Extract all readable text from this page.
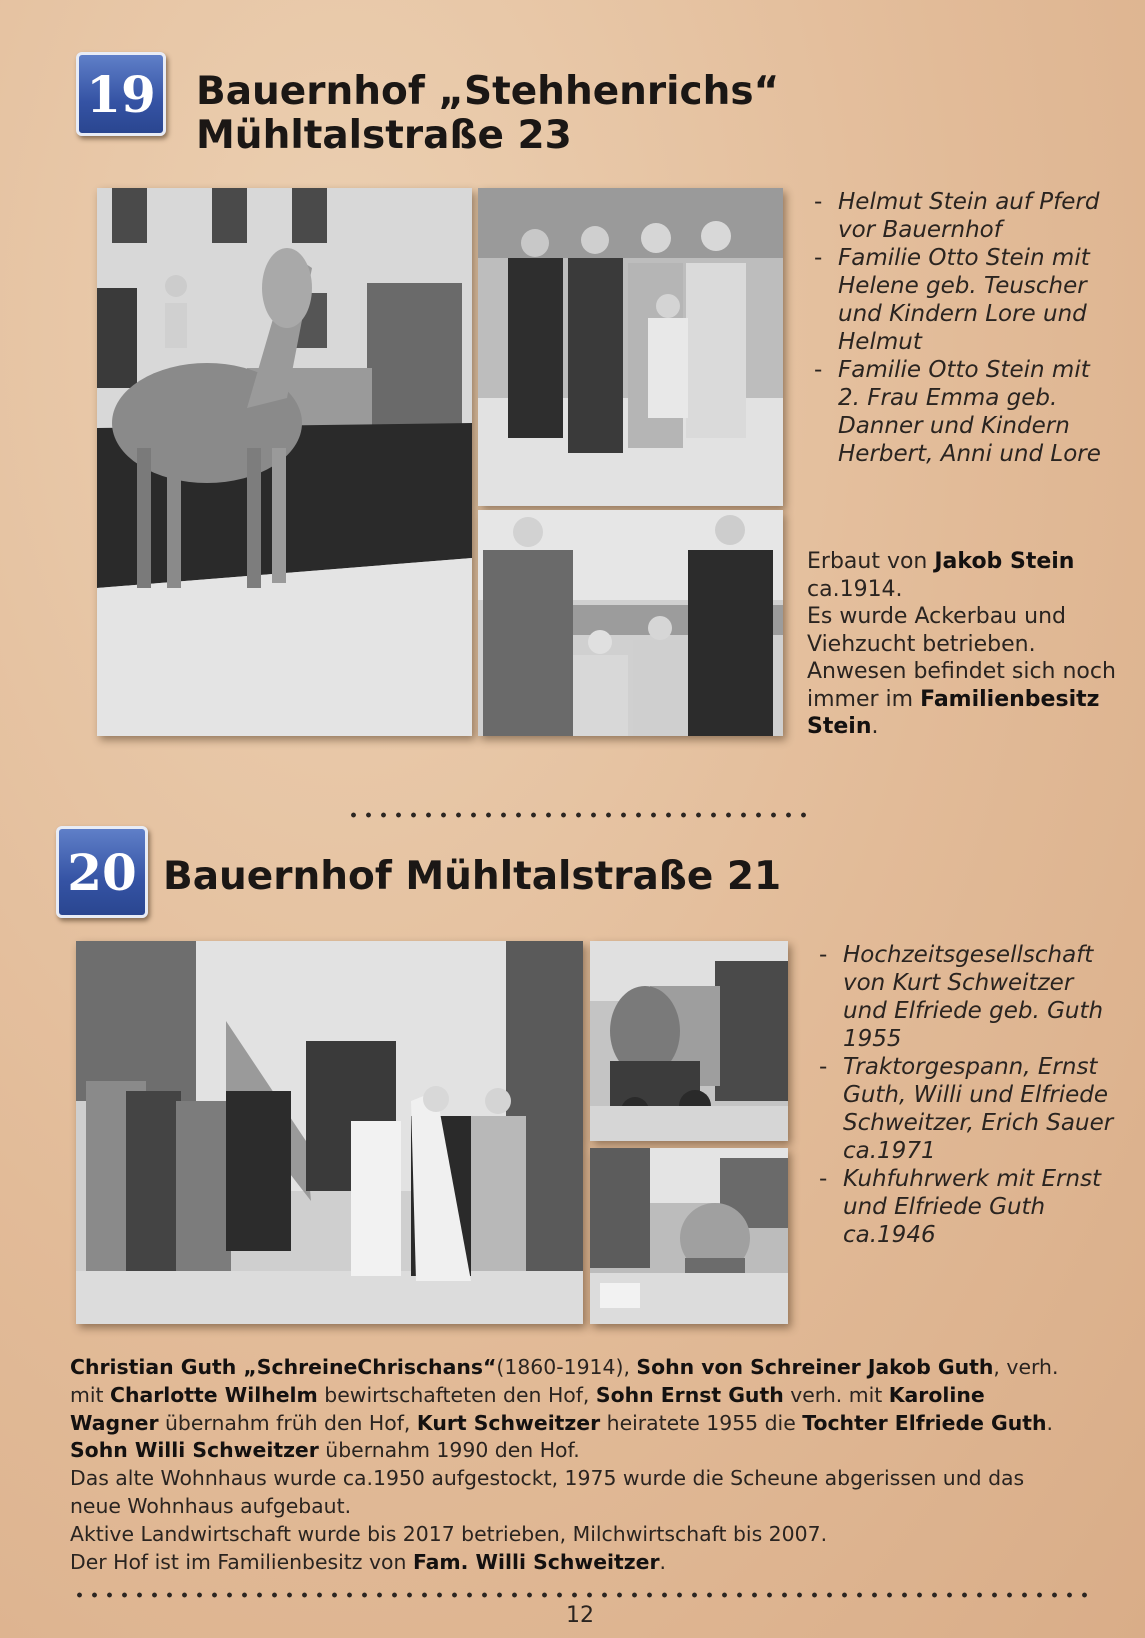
19 Bauernhof „Stehhenrichs“
Mühltalstraße 23
- Helmut Stein auf Pferd vor Bauernhof
- Familie Otto Stein mit Helene geb. Teuscher und Kindern Lore und Helmut
- Familie Otto Stein mit 2. Frau Emma geb. Danner und Kindern Herbert, Anni und Lore
Erbaut von Jakob Stein ca.1914.
Es wurde Ackerbau und Viehzucht betrieben.
Anwesen befindet sich noch immer im Familienbesitz Stein.
20 Bauernhof Mühltalstraße 21
- Hochzeitsgesellschaft von Kurt Schweitzer und Elfriede geb. Guth 1955
- Traktorgespann, Ernst Guth, Willi und Elfriede Schweitzer, Erich Sauer ca.1971
- Kuhfuhrwerk mit Ernst und Elfriede Guth ca.1946

Christian Guth „SchreineChrischans“(1860-1914), Sohn von Schreiner Jakob Guth, verh. mit Charlotte Wilhelm bewirtschafteten den Hof, Sohn Ernst Guth verh. mit Karoline Wagner übernahm früh den Hof, Kurt Schweitzer heiratete 1955 die Tochter Elfriede Guth.
Sohn Willi Schweitzer übernahm 1990 den Hof.

Das alte Wohnhaus wurde ca.1950 aufgestockt, 1975 wurde die Scheune abgerissen und das neue Wohnhaus aufgebaut.

Aktive Landwirtschaft wurde bis 2017 betrieben, Milchwirtschaft bis 2007.

Der Hof ist im Familienbesitz von Fam. Willi Schweitzer.

12
